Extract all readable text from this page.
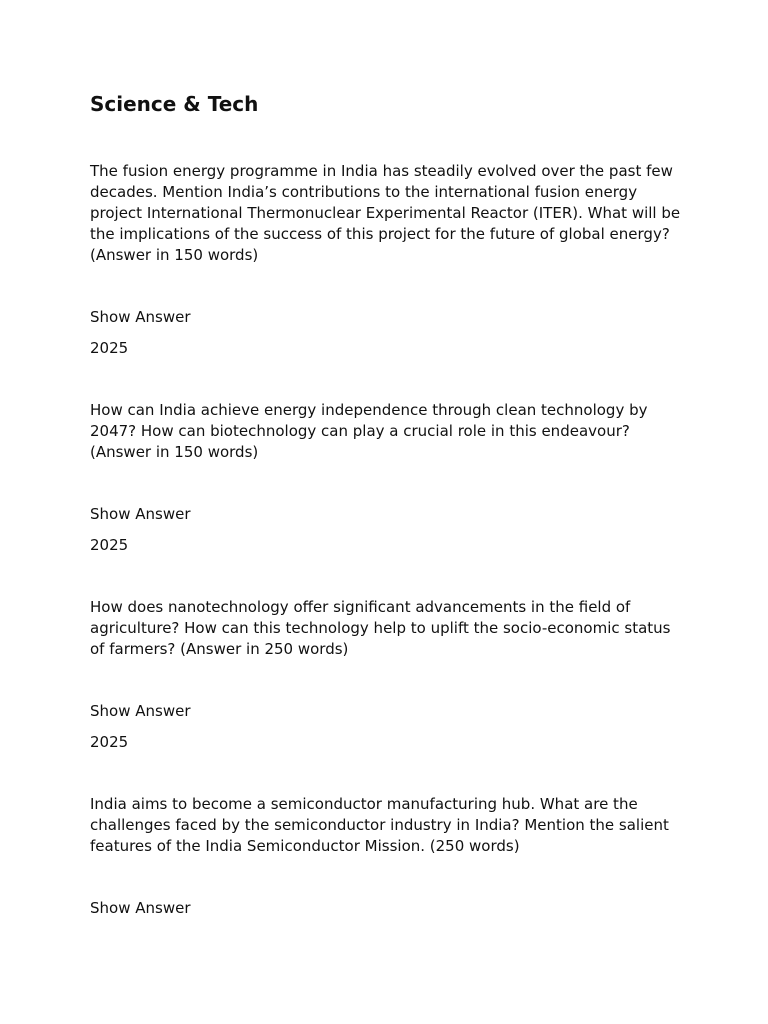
Science & Tech

The fusion energy programme in India has steadily evolved over the past few decades. Mention India’s contributions to the international fusion energy project International Thermonuclear Experimental Reactor (ITER). What will be the implications of the success of this project for the future of global energy? (Answer in 150 words)

Show Answer

2025

How can India achieve energy independence through clean technology by 2047? How can biotechnology can play a crucial role in this endeavour? (Answer in 150 words)

Show Answer

2025

How does nanotechnology offer significant advancements in the field of agriculture? How can this technology help to uplift the socio-economic status of farmers? (Answer in 250 words)

Show Answer

2025

India aims to become a semiconductor manufacturing hub. What are the challenges faced by the semiconductor industry in India? Mention the salient features of the India Semiconductor Mission. (250 words)

Show Answer
